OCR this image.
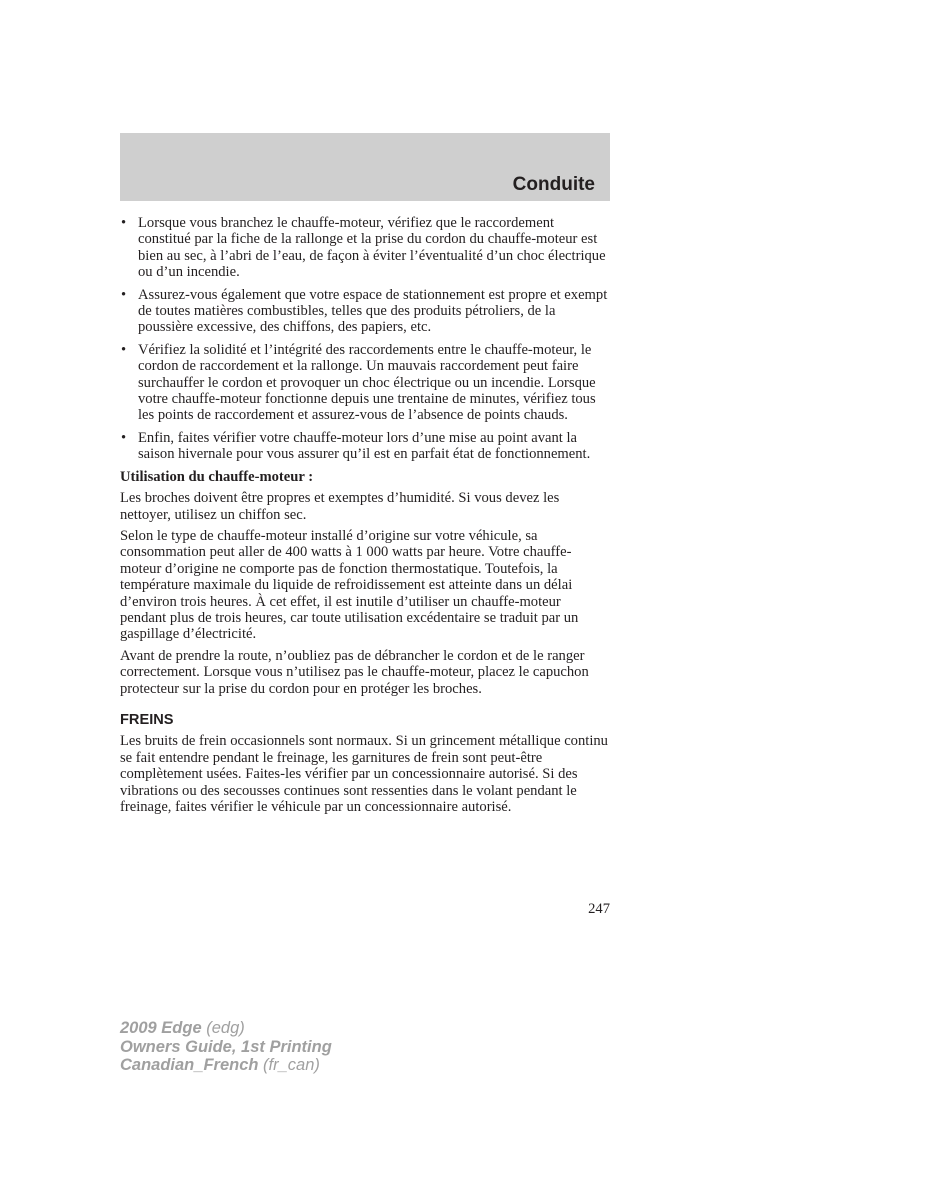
Conduite
• Lorsque vous branchez le chauffe-moteur, vérifiez que le raccordement constitué par la fiche de la rallonge et la prise du cordon du chauffe-moteur est bien au sec, à l’abri de l’eau, de façon à éviter l’éventualité d’un choc électrique ou d’un incendie.
• Assurez-vous également que votre espace de stationnement est propre et exempt de toutes matières combustibles, telles que des produits pétroliers, de la poussière excessive, des chiffons, des papiers, etc.
• Vérifiez la solidité et l’intégrité des raccordements entre le chauffe-moteur, le cordon de raccordement et la rallonge. Un mauvais raccordement peut faire surchauffer le cordon et provoquer un choc électrique ou un incendie. Lorsque votre chauffe-moteur fonctionne depuis une trentaine de minutes, vérifiez tous les points de raccordement et assurez-vous de l’absence de points chauds.
• Enfin, faites vérifier votre chauffe-moteur lors d’une mise au point avant la saison hivernale pour vous assurer qu’il est en parfait état de fonctionnement.
Utilisation du chauffe-moteur :

Les broches doivent être propres et exemptes d’humidité. Si vous devez les nettoyer, utilisez un chiffon sec.

Selon le type de chauffe-moteur installé d’origine sur votre véhicule, sa consommation peut aller de 400 watts à 1 000 watts par heure. Votre chauffe-moteur d’origine ne comporte pas de fonction thermostatique. Toutefois, la température maximale du liquide de refroidissement est atteinte dans un délai d’environ trois heures. À cet effet, il est inutile d’utiliser un chauffe-moteur pendant plus de trois heures, car toute utilisation excédentaire se traduit par un gaspillage d’électricité.

Avant de prendre la route, n’oubliez pas de débrancher le cordon et de le ranger correctement. Lorsque vous n’utilisez pas le chauffe-moteur, placez le capuchon protecteur sur la prise du cordon pour en protéger les broches.

FREINS

Les bruits de frein occasionnels sont normaux. Si un grincement métallique continu se fait entendre pendant le freinage, les garnitures de frein sont peut-être complètement usées. Faites-les vérifier par un concessionnaire autorisé. Si des vibrations ou des secousses continues sont ressenties dans le volant pendant le freinage, faites vérifier le véhicule par un concessionnaire autorisé.

247
2009 Edge (edg)
Owners Guide, 1st Printing
Canadian_French (fr_can)
